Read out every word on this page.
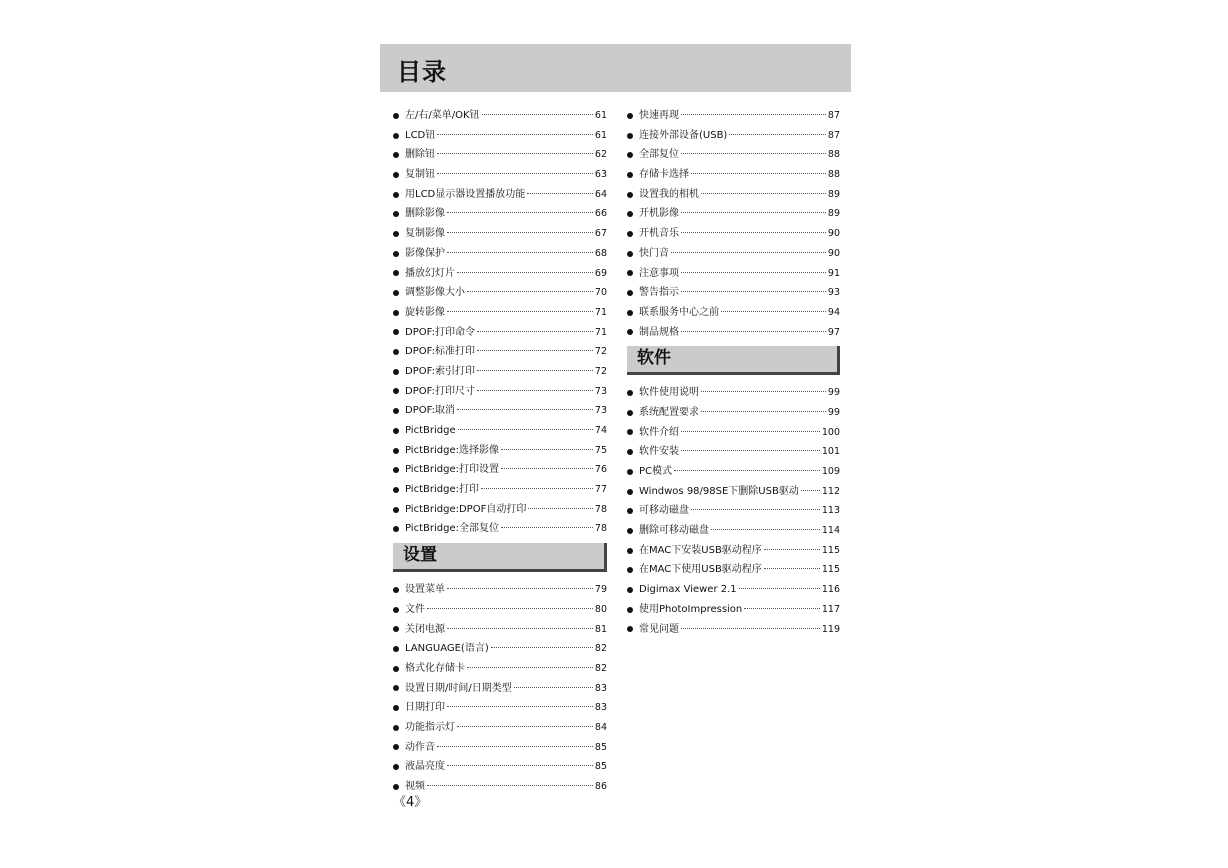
目录
左/右/菜单/OK钮	61
LCD钮	61
删除钮	62
复制钮	63
用LCD显示器设置播放功能	64
删除影像	66
复制影像	67
影像保护	68
播放幻灯片	69
调整影像大小	70
旋转影像	71
DPOF:打印命令	71
DPOF:标准打印	72
DPOF:索引打印	72
DPOF:打印尺寸	73
DPOF:取消	73
PictBridge	74
PictBridge:选择影像	75
PictBridge:打印设置	76
PictBridge:打印	77
PictBridge:DPOF自动打印	78
PictBridge:全部复位	78
设置
设置菜单	79
文件	80
关闭电源	81
LANGUAGE(语言)	82
格式化存储卡	82
设置日期/时间/日期类型	83
日期打印	83
功能指示灯	84
动作音	85
液晶亮度	85
视频	86
快速再现	87
连接外部设备(USB)	87
全部复位	88
存储卡选择	88
设置我的相机	89
开机影像	89
开机音乐	90
快门音	90
注意事项	91
警告指示	93
联系服务中心之前	94
制品规格	97
软件
软件使用说明	99
系统配置要求	99
软件介绍	100
软件安装	101
PC模式	109
Windwos 98/98SE下删除USB驱动 112
可移动磁盘	113
删除可移动磁盘	114
在MAC下安装USB驱动程序	115
在MAC下使用USB驱动程序	115
Digimax Viewer 2.1	116
使用PhotoImpression	117
常见问题	119
《4》
